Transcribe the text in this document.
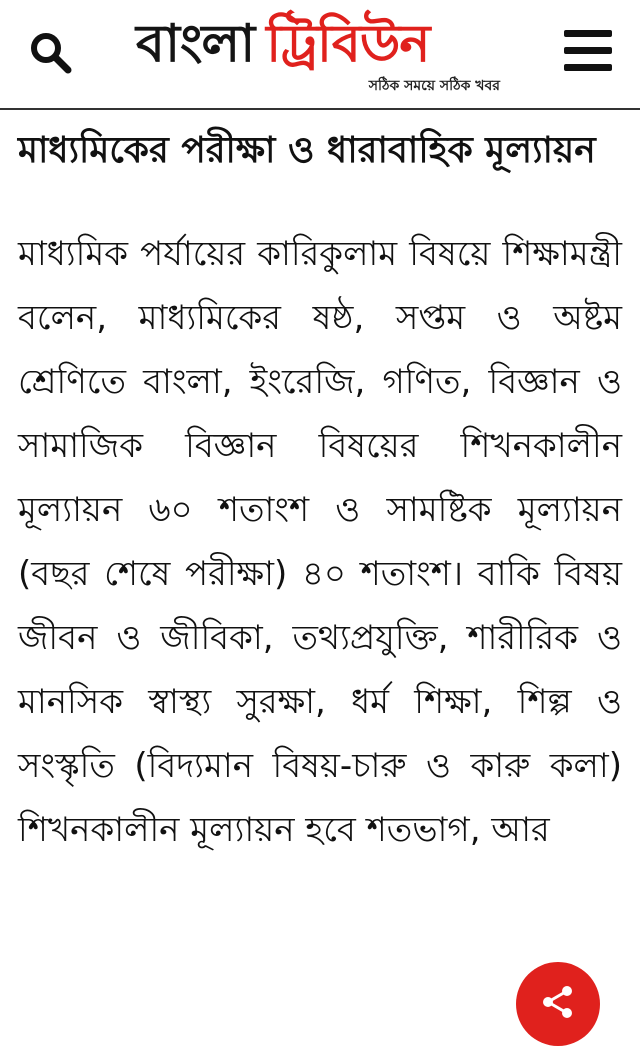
বাংলা ট্রিবিউন
সঠিক সময়ে সঠিক খবর
মাধ্যমিকের পরীক্ষা ও ধারাবাহিক মূল্যায়ন

মাধ্যমিক পর্যায়ের কারিকুলাম বিষয়ে শিক্ষামন্ত্রী বলেন, মাধ্যমিকের ষষ্ঠ, সপ্তম ও অষ্টম শ্রেণিতে বাংলা, ইংরেজি, গণিত, বিজ্ঞান ও সামাজিক বিজ্ঞান বিষয়ের শিখনকালীন মূল্যায়ন ৬০ শতাংশ ও সামষ্টিক মূল্যায়ন (বছর শেষে পরীক্ষা) ৪০ শতাংশ। বাকি বিষয় জীবন ও জীবিকা, তথ্যপ্রযুক্তি, শারীরিক ও মানসিক স্বাস্থ্য সুরক্ষা, ধর্ম শিক্ষা, শিল্প ও সংস্কৃতি (বিদ্যমান বিষয়-চারু ও কারু কলা) শিখনকালীন মূল্যায়ন হবে শতভাগ, আর
